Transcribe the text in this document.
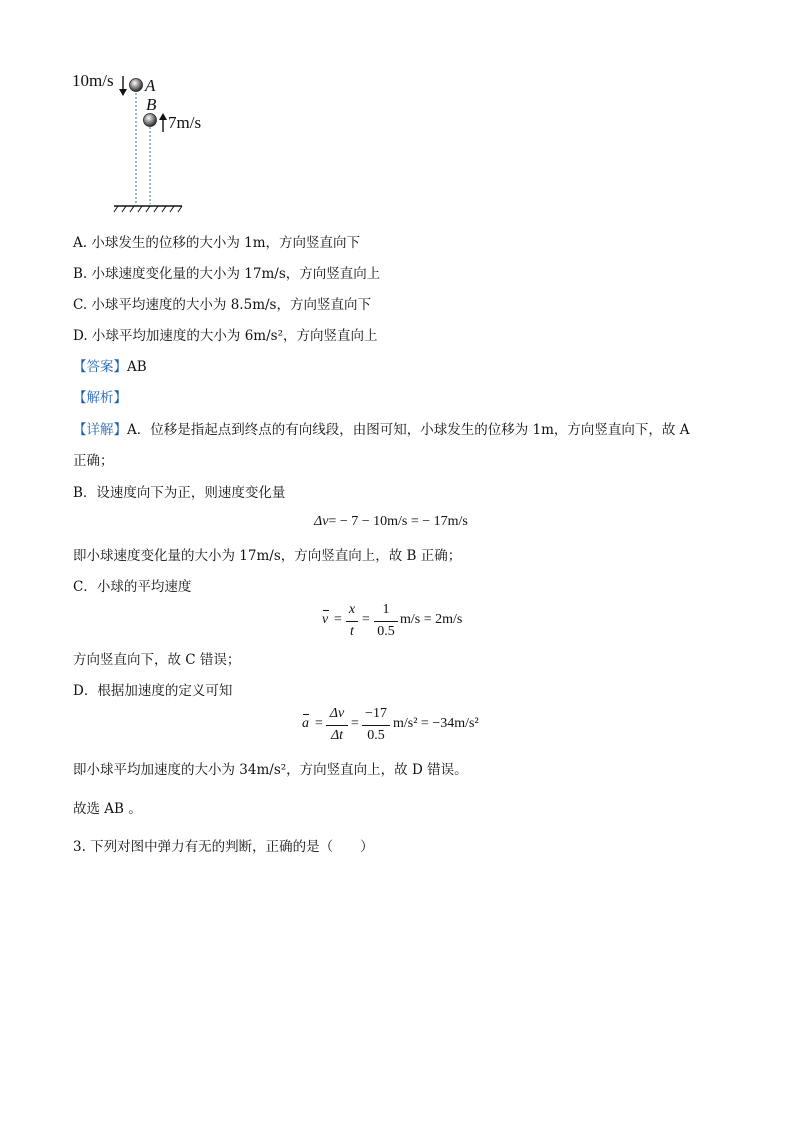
10m/s A
B
7m/s
A. 小球发生的位移的大小为 1m，方向竖直向下
B. 小球速度变化量的大小为 17m/s，方向竖直向上
C. 小球平均速度的大小为 8.5m/s，方向竖直向下
D. 小球平均加速度的大小为 6m/s²，方向竖直向上
【答案】AB
【解析】
【详解】A．位移是指起点到终点的有向线段，由图可知，小球发生的位移为 1m，方向竖直向下，故 A
正确；
B．设速度向下为正，则速度变化量
Δv= − 7 − 10m/s = − 17m/s
即小球速度变化量的大小为 17m/s，方向竖直向上，故 B 正确；
C．小球的平均速度
v =
x
t
=
1
0.5
m/s = 2m/s
方向竖直向下，故 C 错误；
D．根据加速度的定义可知
a =
Δv
Δt
=
−17
0.5
m/s² = −34m/s²
即小球平均加速度的大小为 34m/s²，方向竖直向上，故 D 错误。
故选 AB 。
3. 下列对图中弹力有无的判断，正确的是（　　）
